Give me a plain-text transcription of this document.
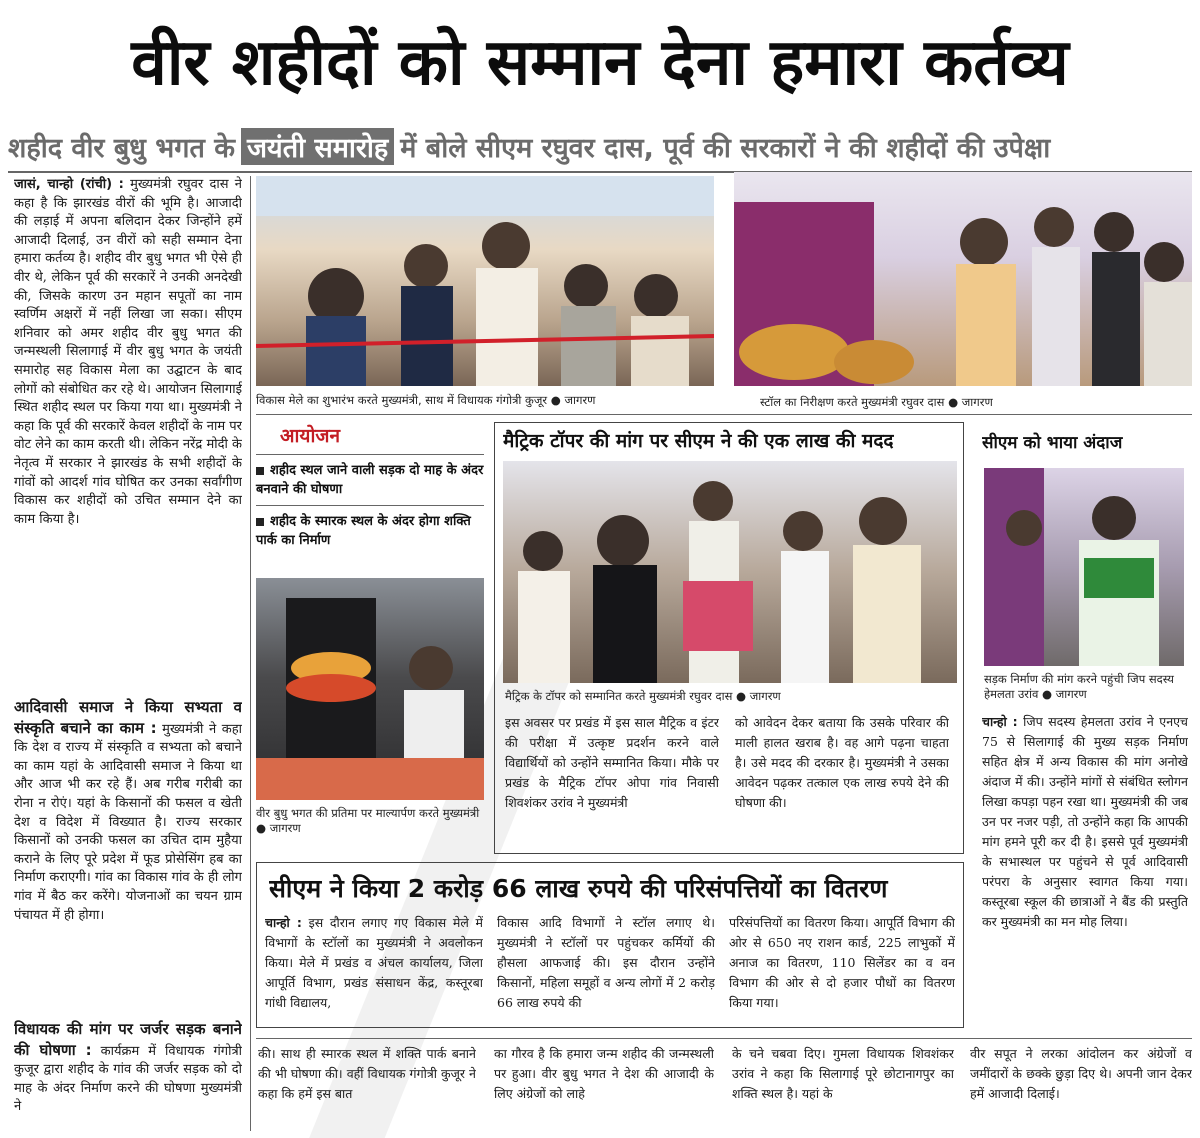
वीर शहीदों को सम्मान देना हमारा कर्तव्य
शहीद वीर बुधु भगत के जयंती समारोह में बोले सीएम रघुवर दास, पूर्व की सरकारों ने की शहीदों की उपेक्षा
जासं, चान्हो (रांची) : मुख्यमंत्री रघुवर दास ने कहा है कि झारखंड वीरों की भूमि है। आजादी की लड़ाई में अपना बलिदान देकर जिन्होंने हमें आजादी दिलाई, उन वीरों को सही सम्मान देना हमारा कर्तव्य है। शहीद वीर बुधु भगत भी ऐसे ही वीर थे, लेकिन पूर्व की सरकारें ने उनकी अनदेखी की, जिसके कारण उन महान सपूतों का नाम स्वर्णिम अक्षरों में नहीं लिखा जा सका। सीएम शनिवार को अमर शहीद वीर बुधु भगत की जन्मस्थली सिलागाई में वीर बुधु भगत के जयंती समारोह सह विकास मेला का उद्घाटन के बाद लोगों को संबोधित कर रहे थे। आयोजन सिलागाई स्थित शहीद स्थल पर किया गया था। मुख्यमंत्री ने कहा कि पूर्व की सरकारें केवल शहीदों के नाम पर वोट लेने का काम करती थी। लेकिन नरेंद्र मोदी के नेतृत्व में सरकार ने झारखंड के सभी शहीदों के गांवों को आदर्श गांव घोषित कर उनका सर्वांगीण विकास कर शहीदों को उचित सम्मान देने का काम किया है।
आदिवासी समाज ने किया सभ्यता व संस्कृति बचाने का काम : मुख्यमंत्री ने कहा कि देश व राज्य में संस्कृति व सभ्यता को बचाने का काम यहां के आदिवासी समाज ने किया था और आज भी कर रहे हैं। अब गरीब गरीबी का रोना न रोएं। यहां के किसानों की फसल व खेती देश व विदेश में विख्यात है। राज्य सरकार किसानों को उनकी फसल का उचित दाम मुहैया कराने के लिए पूरे प्रदेश में फूड प्रोसेसिंग हब का निर्माण कराएगी। गांव का विकास गांव के ही लोग गांव में बैठ कर करेंगे। योजनाओं का चयन ग्राम पंचायत में ही होगा।
विधायक की मांग पर जर्जर सड़क बनाने की घोषणा : कार्यक्रम में विधायक गंगोत्री कुजूर द्वारा शहीद के गांव की जर्जर सड़क को दो माह के अंदर निर्माण करने की घोषणा मुख्यमंत्री ने
विकास मेले का शुभारंभ करते मुख्यमंत्री, साथ में विधायक गंगोत्री कुजूर ● जागरण	स्टॉल का निरीक्षण करते मुख्यमंत्री रघुवर दास ● जागरण
आयोजन
शहीद स्थल जाने वाली सड़क दो माह के अंदर बनवाने की घोषणा
शहीद के स्मारक स्थल के अंदर होगा शक्ति पार्क का निर्माण
वीर बुधु भगत की प्रतिमा पर माल्यार्पण करते मुख्यमंत्री ● जागरण
मैट्रिक टॉपर की मांग पर सीएम ने की एक लाख की मदद
मैट्रिक के टॉपर को सम्मानित करते मुख्यमंत्री रघुवर दास ● जागरण
इस अवसर पर प्रखंड में इस साल मैट्रिक व इंटर की परीक्षा में उत्कृष्ट प्रदर्शन करने वाले विद्यार्थियों को उन्होंने सम्मानित किया। मौके पर प्रखंड के मैट्रिक टॉपर ओपा गांव निवासी शिवशंकर उरांव ने मुख्यमंत्री
को आवेदन देकर बताया कि उसके परिवार की माली हालत खराब है। वह आगे पढ़ना चाहता है। उसे मदद की दरकार है। मुख्यमंत्री ने उसका आवेदन पढ़कर तत्काल एक लाख रुपये देने की घोषणा की।
सीएम को भाया अंदाज
सड़क निर्माण की मांग करने पहुंची जिप सदस्य हेमलता उरांव ● जागरण
चान्हो : जिप सदस्य हेमलता उरांव ने एनएच 75 से सिलागाई की मुख्य सड़क निर्माण सहित क्षेत्र में अन्य विकास की मांग अनोखे अंदाज में की। उन्होंने मांगों से संबंधित स्लोगन लिखा कपड़ा पहन रखा था। मुख्यमंत्री की जब उन पर नजर पड़ी, तो उन्होंने कहा कि आपकी मांग हमने पूरी कर दी है। इससे पूर्व मुख्यमंत्री के सभास्थल पर पहुंचने से पूर्व आदिवासी परंपरा के अनुसार स्वागत किया गया। कस्तूरबा स्कूल की छात्राओं ने बैंड की प्रस्तुति कर मुख्यमंत्री का मन मोह लिया।
सीएम ने किया 2 करोड़ 66 लाख रुपये की परिसंपत्तियों का वितरण
चान्हो : इस दौरान लगाए गए विकास मेले में विभागों के स्टॉलों का मुख्यमंत्री ने अवलोकन किया। मेले में प्रखंड व अंचल कार्यालय, जिला आपूर्ति विभाग, प्रखंड संसाधन केंद्र, कस्तूरबा गांधी विद्यालय,
विकास आदि विभागों ने स्टॉल लगाए थे। मुख्यमंत्री ने स्टॉलों पर पहुंचकर कर्मियों की हौसला आफजाई की। इस दौरान उन्होंने किसानों, महिला समूहों व अन्य लोगों में 2 करोड़ 66 लाख रुपये की
परिसंपत्तियों का वितरण किया। आपूर्ति विभाग की ओर से 650 नए राशन कार्ड, 225 लाभुकों में अनाज का वितरण, 110 सिलेंडर का व वन विभाग की ओर से दो हजार पौधों का वितरण किया गया।
की। साथ ही स्मारक स्थल में शक्ति पार्क बनाने की भी घोषणा की। वहीं विधायक गंगोत्री कुजूर ने कहा कि हमें इस बात
का गौरव है कि हमारा जन्म शहीद की जन्मस्थली पर हुआ। वीर बुधु भगत ने देश की आजादी के लिए अंग्रेजों को लाहे
के चने चबवा दिए। गुमला विधायक शिवशंकर उरांव ने कहा कि सिलागाई पूरे छोटानागपुर का शक्ति स्थल है। यहां के
वीर सपूत ने लरका आंदोलन कर अंग्रेजों व जमींदारों के छक्के छुड़ा दिए थे। अपनी जान देकर हमें आजादी दिलाई।
